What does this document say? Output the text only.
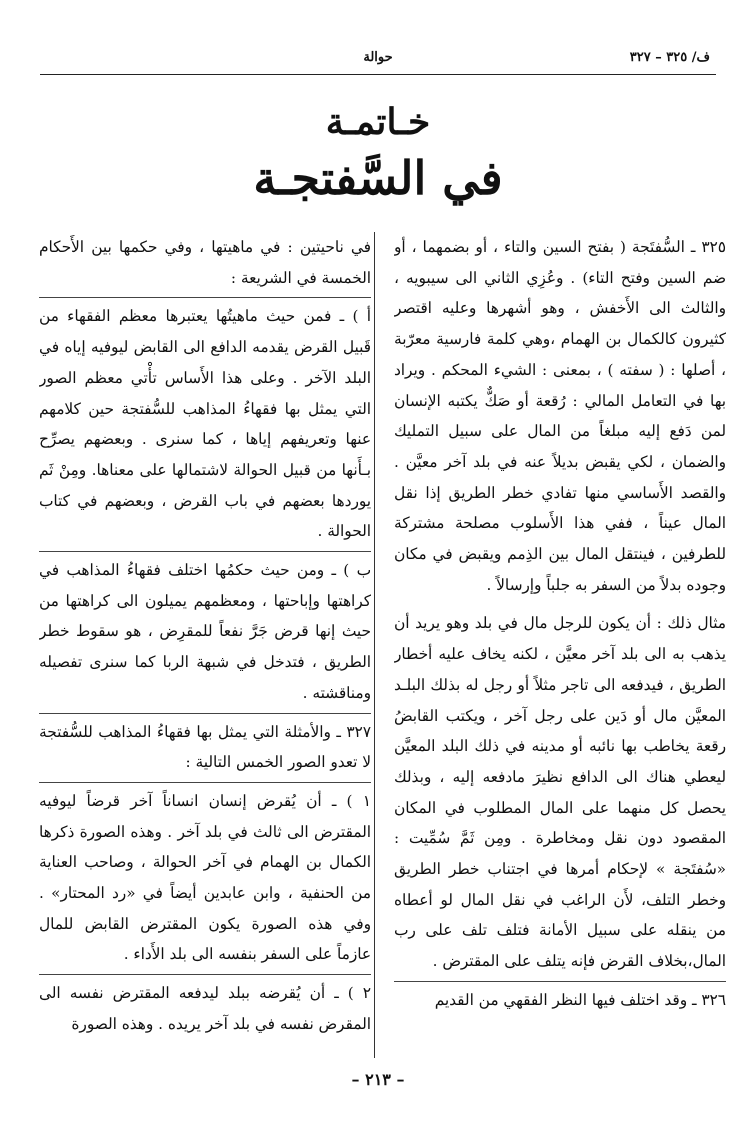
ف/ ٣٢٥ – ٣٢٧
حوالة
خـاتمـة
في السَّفتجـة

٣٢٥ ـ السُّفتَجة ( بفتح السين والتاء ، أو بضمهما ، أو ضم السين وفتح التاء) . وعُزِي الثاني الى سيبويه ، والثالث الى الأَخفش ، وهو أشهرها وعليه اقتصر كثيرون كالكمال بن الهمام ،وهي كلمة فارسية معرّبة ، أصلها : ( سفته ) ، بمعنى : الشيء المحكم . ويراد بها في التعامل المالي : رُقعة أو صَكٌّ يكتبه الإنسان لمن دَفع إليه مبلغاً من المال على سبيل التمليك والضمان ، لكي يقبض بديلاً عنه في بلد آخر معيَّن . والقصد الأَساسي منها تفادي خطر الطريق إذا نقل المال عيناً ، ففي هذا الأَسلوب مصلحة مشتركة للطرفين ، فينتقل المال بين الذِمم ويقبض في مكان وجوده بدلاً من السفر به جلباً وإرسالاً .

مثال ذلك : أن يكون للرجل مال في بلد وهو يريد أن يذهب به الى بلد آخر معيَّن ، لكنه يخاف عليه أخطار الطريق ، فيدفعه الى تاجر مثلاً أو رجل له بذلك البلـد المعيَّن مال أو دَين على رجل آخر ، ويكتب القابضُ رقعة يخاطب بها نائبه أو مدينه في ذلك البلد المعيَّن ليعطي هناك الى الدافع نظيرَ مادفعه إليه ، وبذلك يحصل كل منهما على المال المطلوب في المكان المقصود دون نقل ومخاطرة . ومِن ثَمَّ سُمِّيت : «سُفتَجة » لإحكام أمرها في اجتناب خطر الطريق وخطر التلف، لأَن الراغب في نقل المال لو أعطاه من ينقله على سبيل الأمانة فتلف تلف على رب المال،بخلاف القرض فإنه يتلف على المقترض .

٣٢٦ ـ وقد اختلف فيها النظر الفقهي من القديم

في ناحيتين : في ماهيتها ، وفي حكمها بين الأَحكام الخمسة في الشريعة :

أ ) ـ فمن حيث ماهيتُها يعتبرها معظم الفقهاء من قَبيل القرض يقدمه الدافع الى القابض ليوفيه إياه في البلد الآخر . وعلى هذا الأَساس تأْتي معظم الصور التي يمثل بها فقهاءُ المذاهب للسُّفتجة حين كلامهم عنها وتعريفهم إياها ، كما سنرى . وبعضهم يصرِّح بـأَنها من قبيل الحوالة لاشتمالها على معناها. ومِنْ ثَم يوردها بعضهم في باب القرض ، وبعضهم في كتاب الحوالة .

ب ) ـ ومن حيث حكمُها اختلف فقهاءُ المذاهب في كراهتها وإباحتها ، ومعظمهم يميلون الى كراهتها من حيث إنها قرض جَرَّ نفعاً للمقرِض ، هو سقوط خطر الطريق ، فتدخل في شبهة الربا كما سنرى تفصيله ومناقشته .

٣٢٧ ـ والأمثلة التي يمثل بها فقهاءُ المذاهب للسُّفتجة لا تعدو الصور الخمس التالية :

١ ) ـ أن يُقرض إنسان انساناً آخر قرضاً ليوفيه المقترض الى ثالث في بلد آخر . وهذه الصورة ذكرها الكمال بن الهمام في آخر الحوالة ، وصاحب العناية من الحنفية ، وابن عابدين أيضاً في «رد المحتار» . وفي هذه الصورة يكون المقترض القابض للمال عازماً على السفر بنفسه الى بلد الأَداء .

٢ ) ـ أن يُقرضه ببلد ليدفعه المقترض نفسه الى المقرض نفسه في بلد آخر يريده . وهذه الصورة

– ٢١٣ –
